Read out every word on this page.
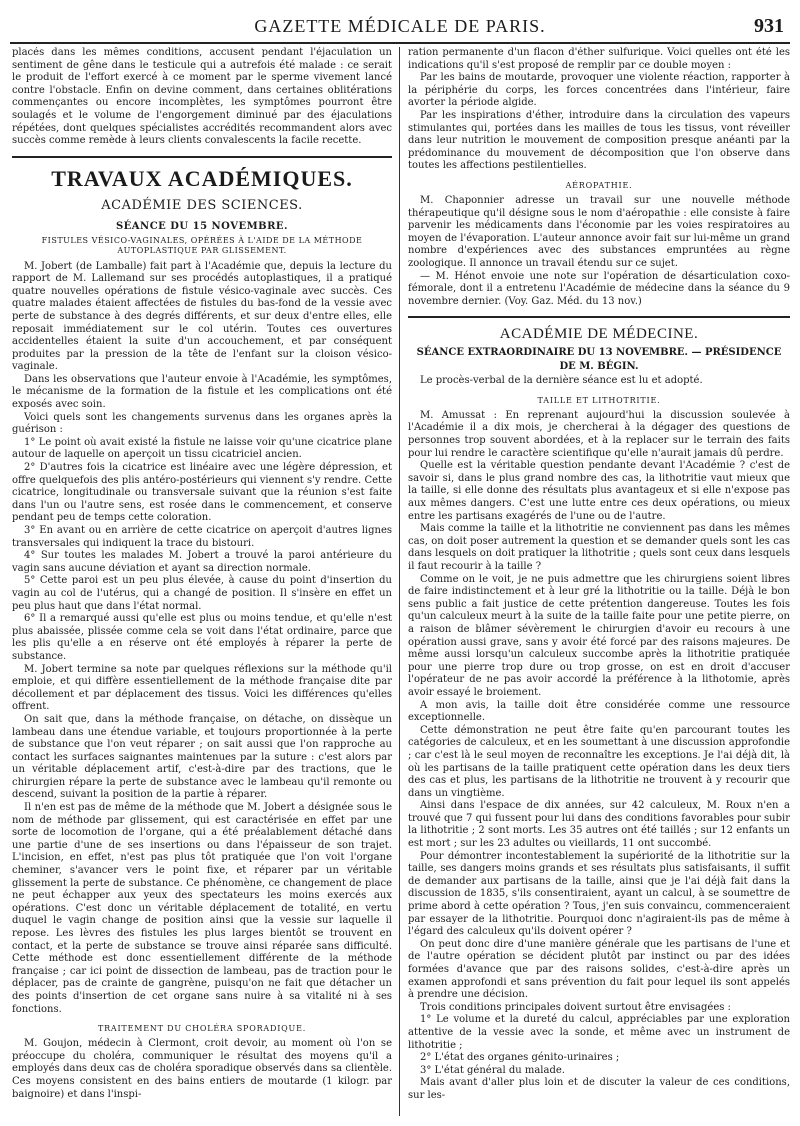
GAZETTE MÉDICALE DE PARIS.	931

placés dans les mêmes conditions, accusent pendant l'éjaculation un sentiment de gêne dans le testicule qui a autrefois été malade : ce serait le produit de l'effort exercé à ce moment par le sperme vivement lancé contre l'obstacle. Enfin on devine comment, dans certaines oblitérations commençantes ou encore incomplètes, les symptômes pourront être soulagés et le volume de l'engorgement diminué par des éjaculations répétées, dont quelques spécialistes accrédités recommandent alors avec succès comme remède à leurs clients convalescents la facile recette.

TRAVAUX ACADÉMIQUES.
ACADÉMIE DES SCIENCES.
SÉANCE DU 15 NOVEMBRE.
FISTULES VÉSICO-VAGINALES, OPÉRÉES À L'AIDE DE LA MÉTHODE AUTOPLASTIQUE PAR GLISSEMENT.

M. Jobert (de Lamballe) fait part à l'Académie que, depuis la lecture du rapport de M. Lallemand sur ses procédés autoplastiques, il a pratiqué quatre nouvelles opérations de fistule vésico-vaginale avec succès. Ces quatre malades étaient affectées de fistules du bas-fond de la vessie avec perte de substance à des degrés différents, et sur deux d'entre elles, elle reposait immédiatement sur le col utérin. Toutes ces ouvertures accidentelles étaient la suite d'un accouchement, et par conséquent produites par la pression de la tête de l'enfant sur la cloison vésico-vaginale.

Dans les observations que l'auteur envoie à l'Académie, les symptômes, le mécanisme de la formation de la fistule et les complications ont été exposés avec soin.

Voici quels sont les changements survenus dans les organes après la guérison :

1° Le point où avait existé la fistule ne laisse voir qu'une cicatrice plane autour de laquelle on aperçoit un tissu cicatriciel ancien.

2° D'autres fois la cicatrice est linéaire avec une légère dépression, et offre quelquefois des plis antéro-postérieurs qui viennent s'y rendre. Cette cicatrice, longitudinale ou transversale suivant que la réunion s'est faite dans l'un ou l'autre sens, est rosée dans le commencement, et conserve pendant peu de temps cette coloration.

3° En avant ou en arrière de cette cicatrice on aperçoit d'autres lignes transversales qui indiquent la trace du bistouri.

4° Sur toutes les malades M. Jobert a trouvé la paroi antérieure du vagin sans aucune déviation et ayant sa direction normale.

5° Cette paroi est un peu plus élevée, à cause du point d'insertion du vagin au col de l'utérus, qui a changé de position. Il s'insère en effet un peu plus haut que dans l'état normal.

6° Il a remarqué aussi qu'elle est plus ou moins tendue, et qu'elle n'est plus abaissée, plissée comme cela se voit dans l'état ordinaire, parce que les plis qu'elle a en réserve ont été employés à réparer la perte de substance.

M. Jobert termine sa note par quelques réflexions sur la méthode qu'il emploie, et qui diffère essentiellement de la méthode française dite par décollement et par déplacement des tissus. Voici les différences qu'elles offrent.

On sait que, dans la méthode française, on détache, on dissèque un lambeau dans une étendue variable, et toujours proportionnée à la perte de substance que l'on veut réparer ; on sait aussi que l'on rapproche au contact les surfaces saignantes maintenues par la suture : c'est alors par un véritable déplacement artif, c'est-à-dire par des tractions, que le chirurgien répare la perte de substance avec le lambeau qu'il remonte ou descend, suivant la position de la partie à réparer.

Il n'en est pas de même de la méthode que M. Jobert a désignée sous le nom de méthode par glissement, qui est caractérisée en effet par une sorte de locomotion de l'organe, qui a été préalablement détaché dans une partie d'une de ses insertions ou dans l'épaisseur de son trajet. L'incision, en effet, n'est pas plus tôt pratiquée que l'on voit l'organe cheminer, s'avancer vers le point fixe, et réparer par un véritable glissement la perte de substance. Ce phénomène, ce changement de place ne peut échapper aux yeux des spectateurs les moins exercés aux opérations. C'est donc un véritable déplacement de totalité, en vertu duquel le vagin change de position ainsi que la vessie sur laquelle il repose. Les lèvres des fistules les plus larges bientôt se trouvent en contact, et la perte de substance se trouve ainsi réparée sans difficulté. Cette méthode est donc essentiellement différente de la méthode française ; car ici point de dissection de lambeau, pas de traction pour le déplacer, pas de crainte de gangrène, puisqu'on ne fait que détacher un des points d'insertion de cet organe sans nuire à sa vitalité ni à ses fonctions.

TRAITEMENT DU CHOLÉRA SPORADIQUE.

M. Goujon, médecin à Clermont, croit devoir, au moment où l'on se préoccupe du choléra, communiquer le résultat des moyens qu'il a employés dans deux cas de choléra sporadique observés dans sa clientèle. Ces moyens consistent en des bains entiers de moutarde (1 kilogr. par baignoire) et dans l'inspi-

ration permanente d'un flacon d'éther sulfurique. Voici quelles ont été les indications qu'il s'est proposé de remplir par ce double moyen :

Par les bains de moutarde, provoquer une violente réaction, rapporter à la périphérie du corps, les forces concentrées dans l'intérieur, faire avorter la période algide.

Par les inspirations d'éther, introduire dans la circulation des vapeurs stimulantes qui, portées dans les mailles de tous les tissus, vont réveiller dans leur nutrition le mouvement de composition presque anéanti par la prédominance du mouvement de décomposition que l'on observe dans toutes les affections pestilentielles.

AÉROPATHIE.

M. Chaponnier adresse un travail sur une nouvelle méthode thérapeutique qu'il désigne sous le nom d'aéropathie : elle consiste à faire parvenir les médicaments dans l'économie par les voies respiratoires au moyen de l'évaporation. L'auteur annonce avoir fait sur lui-même un grand nombre d'expériences avec des substances empruntées au règne zoologique. Il annonce un travail étendu sur ce sujet.

— M. Hénot envoie une note sur l'opération de désarticulation coxo-fémorale, dont il a entretenu l'Académie de médecine dans la séance du 9 novembre dernier. (Voy. Gaz. Méd. du 13 nov.)

ACADÉMIE DE MÉDECINE.
SÉANCE EXTRAORDINAIRE DU 13 NOVEMBRE. — PRÉSIDENCE DE M. BÉGIN.

Le procès-verbal de la dernière séance est lu et adopté.

TAILLE ET LITHOTRITIE.

M. Amussat : En reprenant aujourd'hui la discussion soulevée à l'Académie il a dix mois, je chercherai à la dégager des questions de personnes trop souvent abordées, et à la replacer sur le terrain des faits pour lui rendre le caractère scientifique qu'elle n'aurait jamais dû perdre.

Quelle est la véritable question pendante devant l'Académie ? c'est de savoir si, dans le plus grand nombre des cas, la lithotritie vaut mieux que la taille, si elle donne des résultats plus avantageux et si elle n'expose pas aux mêmes dangers. C'est une lutte entre ces deux opérations, ou mieux entre les partisans exagérés de l'une ou de l'autre.

Mais comme la taille et la lithotritie ne conviennent pas dans les mêmes cas, on doit poser autrement la question et se demander quels sont les cas dans lesquels on doit pratiquer la lithotritie ; quels sont ceux dans lesquels il faut recourir à la taille ?

Comme on le voit, je ne puis admettre que les chirurgiens soient libres de faire indistinctement et à leur gré la lithotritie ou la taille. Déjà le bon sens public a fait justice de cette prétention dangereuse. Toutes les fois qu'un calculeux meurt à la suite de la taille faite pour une petite pierre, on a raison de blâmer sévèrement le chirurgien d'avoir eu recours à une opération aussi grave, sans y avoir été forcé par des raisons majeures. De même aussi lorsqu'un calculeux succombe après la lithotritie pratiquée pour une pierre trop dure ou trop grosse, on est en droit d'accuser l'opérateur de ne pas avoir accordé la préférence à la lithotomie, après avoir essayé le broiement.

A mon avis, la taille doit être considérée comme une ressource exceptionnelle.

Cette démonstration ne peut être faite qu'en parcourant toutes les catégories de calculeux, et en les soumettant à une discussion approfondie ; car c'est là le seul moyen de reconnaître les exceptions. Je l'ai déjà dit, là où les partisans de la taille pratiquent cette opération dans les deux tiers des cas et plus, les partisans de la lithotritie ne trouvent à y recourir que dans un vingtième.

Ainsi dans l'espace de dix années, sur 42 calculeux, M. Roux n'en a trouvé que 7 qui fussent pour lui dans des conditions favorables pour subir la lithotritie ; 2 sont morts. Les 35 autres ont été taillés ; sur 12 enfants un est mort ; sur les 23 adultes ou vieillards, 11 ont succombé.

Pour démontrer incontestablement la supériorité de la lithotritie sur la taille, ses dangers moins grands et ses résultats plus satisfaisants, il suffit de demander aux partisans de la taille, ainsi que je l'ai déjà fait dans la discussion de 1835, s'ils consentiraient, ayant un calcul, à se soumettre de prime abord à cette opération ? Tous, j'en suis convaincu, commenceraient par essayer de la lithotritie. Pourquoi donc n'agiraient-ils pas de même à l'égard des calculeux qu'ils doivent opérer ?

On peut donc dire d'une manière générale que les partisans de l'une et de l'autre opération se décident plutôt par instinct ou par des idées formées d'avance que par des raisons solides, c'est-à-dire après un examen approfondi et sans prévention du fait pour lequel ils sont appelés à prendre une décision.

Trois conditions principales doivent surtout être envisagées :

1° Le volume et la dureté du calcul, appréciables par une exploration attentive de la vessie avec la sonde, et même avec un instrument de lithotritie ;

2° L'état des organes génito-urinaires ;

3° L'état général du malade.

Mais avant d'aller plus loin et de discuter la valeur de ces conditions, sur les-
